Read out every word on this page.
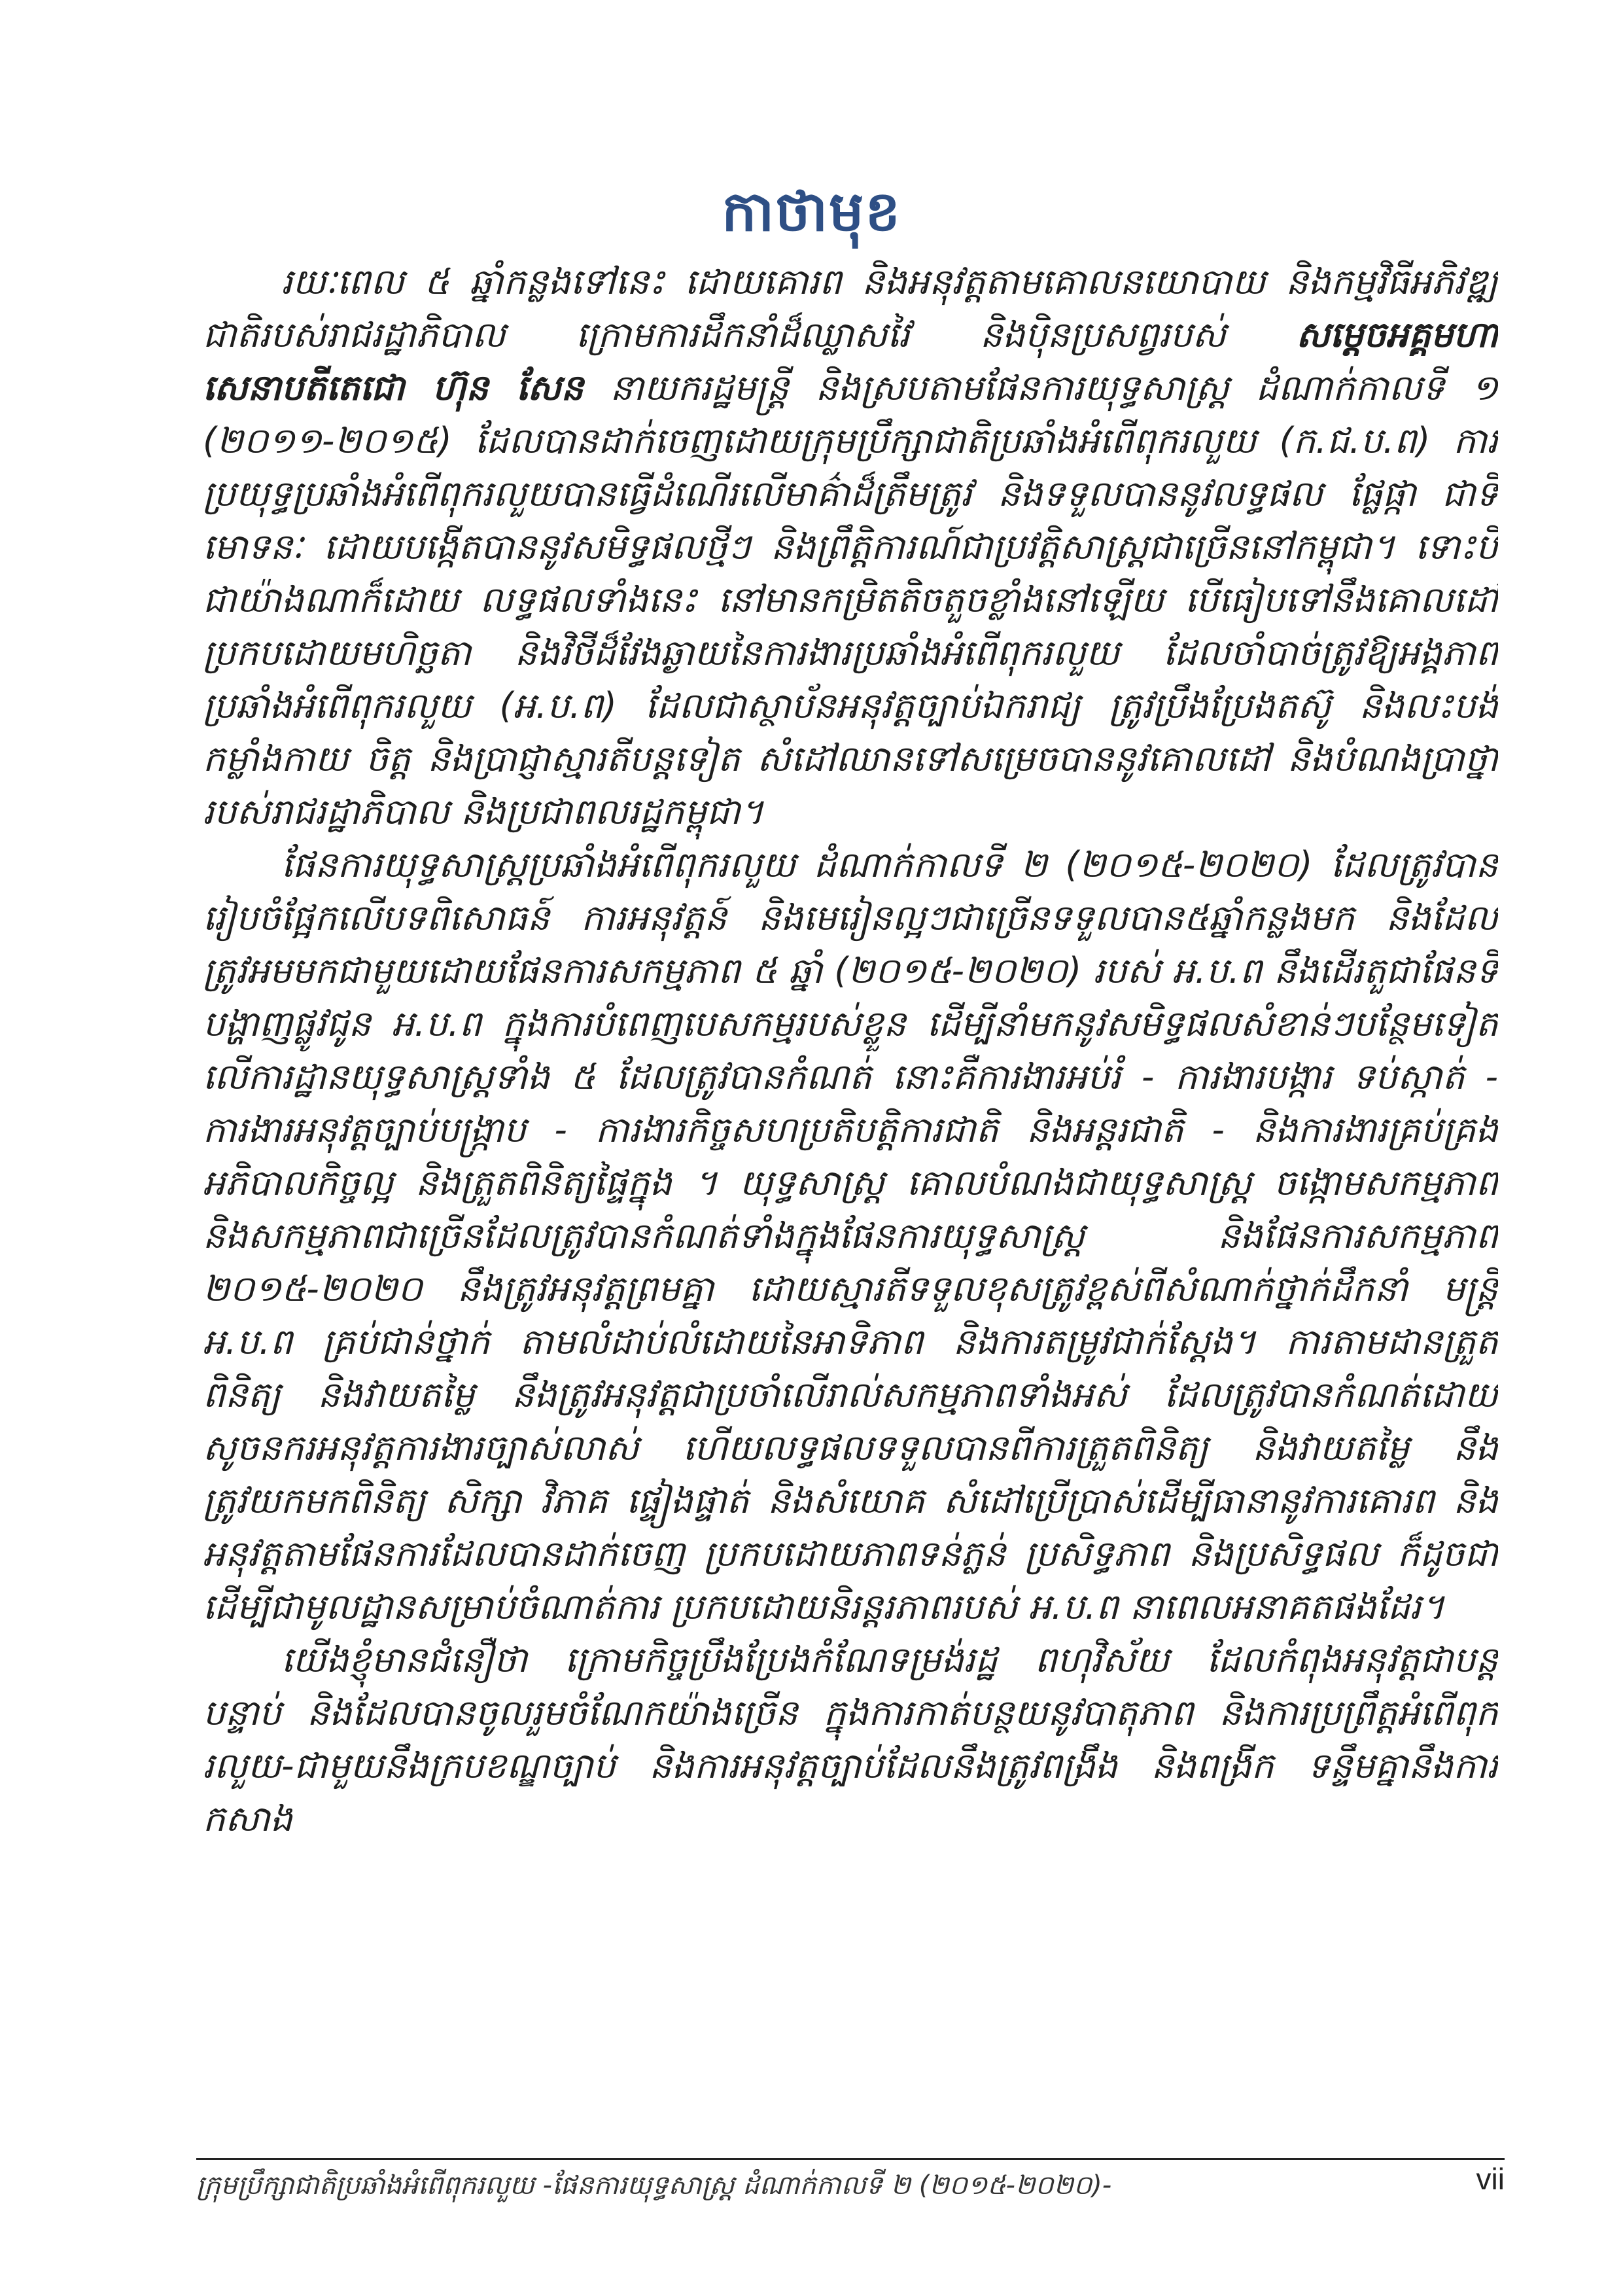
កាថាមុខ

រយៈពេល ៥ ឆ្នាំកន្លងទៅនេះ ដោយគោរព និងអនុវត្តតាមគោលនយោបាយ និងកម្មវិធីអភិវឌ្ឍជាតិរបស់រាជរដ្ឋាភិបាល ក្រោមការដឹកនាំដ៏ឈ្លាសវៃ និងប៉ិនប្រសព្វរបស់ សម្តេចអគ្គមហាសេនាបតីតេជោ ហ៊ុន សែន នាយករដ្ឋមន្ត្រី និងស្របតាមផែនការយុទ្ធសាស្ត្រ ដំណាក់កាលទី ១ (២០១១-២០១៥) ដែលបានដាក់ចេញដោយក្រុមប្រឹក្សាជាតិប្រឆាំងអំពើពុករលួយ (ក.ជ.ប.ព) ការប្រយុទ្ធប្រឆាំងអំពើពុករលួយបានធ្វើដំណើរលើមាគ៌ាដ៏ត្រឹមត្រូវ និងទទួលបាននូវលទ្ធផល ផ្លែផ្កា ជាទីមោទនៈ ដោយបង្កើតបាននូវសមិទ្ធផលថ្មីៗ និងព្រឹត្តិការណ៍ជាប្រវត្តិសាស្ត្រជាច្រើននៅកម្ពុជា។ ទោះបីជាយ៉ាងណាក៏ដោយ លទ្ធផលទាំងនេះ នៅមានកម្រិតតិចតួចខ្លាំងនៅឡើយ បើធៀបទៅនឹងគោលដៅប្រកបដោយមហិច្ឆតា និងវិថីដ៏វែងឆ្ងាយនៃការងារប្រឆាំងអំពើពុករលួយ ដែលចាំបាច់ត្រូវឱ្យអង្គភាពប្រឆាំងអំពើពុករលួយ (អ.ប.ព) ដែលជាស្ថាប័នអនុវត្តច្បាប់ឯករាជ្យ ត្រូវប្រឹងប្រែងតស៊ូ និងលះបង់កម្លាំងកាយ ចិត្ត និងប្រាជ្ញាស្មារតីបន្តទៀត សំដៅឈានទៅសម្រេចបាននូវគោលដៅ និងបំណងប្រាថ្នារបស់រាជរដ្ឋាភិបាល និងប្រជាពលរដ្ឋកម្ពុជា។

ផែនការយុទ្ធសាស្ត្រប្រឆាំងអំពើពុករលួយ ដំណាក់កាលទី ២ (២០១៥-២០២០) ដែលត្រូវបានរៀបចំផ្អែកលើបទពិសោធន៍ ការអនុវត្តន៍ និងមេរៀនល្អៗជាច្រើនទទួលបាន៥ឆ្នាំកន្លងមក និងដែលត្រូវអមមកជាមួយដោយផែនការសកម្មភាព ៥ ឆ្នាំ (២០១៥-២០២០) របស់ អ.ប.ព នឹងដើរតួជាផែនទីបង្ហាញផ្លូវជូន អ.ប.ព ក្នុងការបំពេញបេសកម្មរបស់ខ្លួន ដើម្បីនាំមកនូវសមិទ្ធផលសំខាន់ៗបន្ថែមទៀតលើការដ្ឋានយុទ្ធសាស្ត្រទាំង ៥ ដែលត្រូវបានកំណត់ នោះគឺការងារអប់រំ - ការងារបង្ការ ទប់ស្កាត់ - ការងារអនុវត្តច្បាប់បង្ក្រាប - ការងារកិច្ចសហប្រតិបត្តិការជាតិ និងអន្តរជាតិ - និងការងារគ្រប់គ្រងអភិបាលកិច្ចល្អ និងត្រួតពិនិត្យផ្ទៃក្នុង ។ យុទ្ធសាស្ត្រ គោលបំណងជាយុទ្ធសាស្ត្រ ចង្កោមសកម្មភាព និងសកម្មភាពជាច្រើនដែលត្រូវបានកំណត់ទាំងក្នុងផែនការយុទ្ធសាស្ត្រ និងផែនការសកម្មភាព ២០១៥-២០២០ នឹងត្រូវអនុវត្តព្រមគ្នា ដោយស្មារតីទទួលខុសត្រូវខ្ពស់ពីសំណាក់ថ្នាក់ដឹកនាំ មន្ត្រី អ.ប.ព គ្រប់ជាន់ថ្នាក់ តាមលំដាប់លំដោយនៃអាទិភាព និងការតម្រូវជាក់ស្តែង។ ការតាមដានត្រួតពិនិត្យ និងវាយតម្លៃ នឹងត្រូវអនុវត្តជាប្រចាំលើរាល់សកម្មភាពទាំងអស់ ដែលត្រូវបានកំណត់ដោយសូចនករអនុវត្តការងារច្បាស់លាស់ ហើយលទ្ធផលទទួលបានពីការត្រួតពិនិត្យ និងវាយតម្លៃ នឹងត្រូវយកមកពិនិត្យ សិក្សា វិភាគ ផ្ទៀងផ្ទាត់ និងសំយោគ សំដៅប្រើប្រាស់ដើម្បីធានានូវការគោរព និងអនុវត្តតាមផែនការដែលបានដាក់ចេញ ប្រកបដោយភាពទន់ភ្លន់ ប្រសិទ្ធភាព និងប្រសិទ្ធផល ក៏ដូចជាដើម្បីជាមូលដ្ឋានសម្រាប់ចំណាត់ការ ប្រកបដោយនិរន្តរភាពរបស់ អ.ប.ព នាពេលអនាគតផងដែរ។

យើងខ្ញុំមានជំនឿថា ក្រោមកិច្ចប្រឹងប្រែងកំណែទម្រង់រដ្ឋ ពហុវិស័យ ដែលកំពុងអនុវត្តជាបន្តបន្ទាប់ និងដែលបានចូលរួមចំណែកយ៉ាងច្រើន ក្នុងការកាត់បន្ថយនូវបាតុភាព និងការប្រព្រឹត្តអំពើពុករលួយ-ជាមួយនឹងក្របខណ្ឌច្បាប់ និងការអនុវត្តច្បាប់ដែលនឹងត្រូវពង្រឹង និងពង្រីក ទន្ទឹមគ្នានឹងការកសាង

ក្រុមប្រឹក្សាជាតិប្រឆាំងអំពើពុករលួយ -ផែនការយុទ្ធសាស្ត្រ ដំណាក់កាលទី ២ (២០១៥-២០២០)-	vii
